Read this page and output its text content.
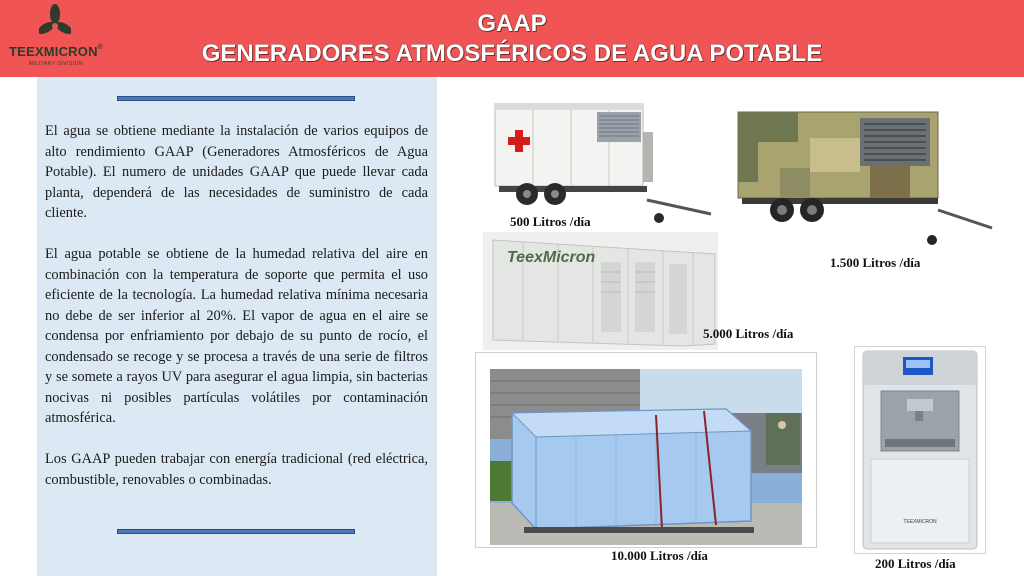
TEEXMICRON®
MILITARY DIVISION
GAAP
GENERADORES ATMOSFÉRICOS DE AGUA POTABLE

El agua se obtiene mediante la instalación de varios equipos de alto rendimiento GAAP (Generadores Atmosféricos de Agua Potable). El numero de unidades GAAP que puede llevar cada planta, dependerá de las necesidades de suministro de cada cliente.

El agua potable se obtiene de la humedad relativa del aire en combinación con la temperatura de soporte que permita el uso eficiente de la tecnología. La humedad relativa mínima necesaria no debe de ser inferior al 20%. El vapor de agua en el aire se condensa por enfriamiento por debajo de su punto de rocío, el condensado se recoge y se procesa a través de una serie de filtros y se somete a rayos UV para asegurar el agua limpia, sin bacterias nocivas ni posibles partículas volátiles por contaminación atmosférica.

Los GAAP pueden trabajar con energía tradicional (red eléctrica, combustible, renovables o combinadas.

500 Litros /día
1.500 Litros /día
TeexMicron
5.000 Litros /día
10.000 Litros /día
TEEXMICRON
200 Litros /día
